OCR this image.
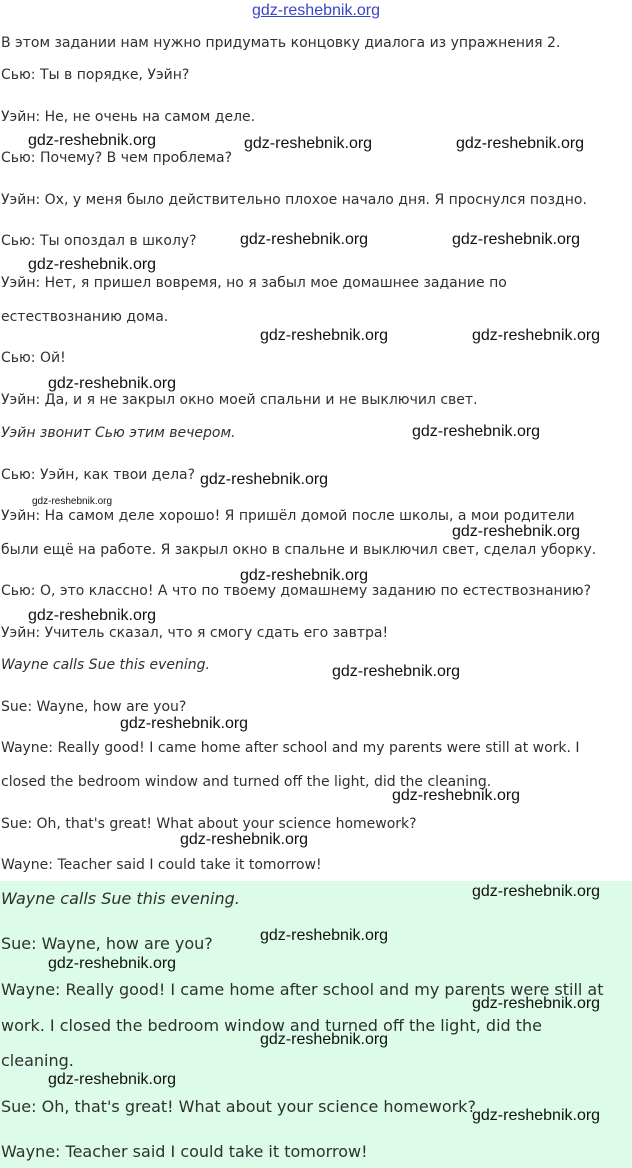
gdz-reshebnik.org
В этом задании нам нужно придумать концовку диалога из упражнения 2.
Сью: Ты в порядке, Уэйн?
Уэйн: Не, не очень на самом деле.
Сью: Почему? В чем проблема?
Уэйн: Ох, у меня было действительно плохое начало дня. Я проснулся поздно.
Сью: Ты опоздал в школу?
Уэйн: Нет, я пришел вовремя, но я забыл мое домашнее задание по
естествознанию дома.
Сью: Ой!
Уэйн: Да, и я не закрыл окно моей спальни и не выключил свет.
Уэйн звонит Сью этим вечером.
Сью: Уэйн, как твои дела?
Уэйн: На самом деле хорошо! Я пришёл домой после школы, а мои родители
были ещё на работе. Я закрыл окно в спальне и выключил свет, сделал уборку.
Сью: О, это классно! А что по твоему домашнему заданию по естествознанию?
Уэйн: Учитель сказал, что я смогу сдать его завтра!
Wayne calls Sue this evening.
Sue: Wayne, how are you?
Wayne: Really good! I came home after school and my parents were still at work. I
closed the bedroom window and turned off the light, did the cleaning.
Sue: Oh, that's great! What about your science homework?
Wayne: Teacher said I could take it tomorrow!
Wayne calls Sue this evening.
Sue: Wayne, how are you?
Wayne: Really good! I came home after school and my parents were still at
work. I closed the bedroom window and turned off the light, did the
cleaning.
Sue: Oh, that's great! What about your science homework?
Wayne: Teacher said I could take it tomorrow!
gdz-reshebnik.org	gdz-reshebnik.org	gdz-reshebnik.org
gdz-reshebnik.org	gdz-reshebnik.org
gdz-reshebnik.org
gdz-reshebnik.org	gdz-reshebnik.org
gdz-reshebnik.org
gdz-reshebnik.org
gdz-reshebnik.org
gdz-reshebnik.org
gdz-reshebnik.org
gdz-reshebnik.org
gdz-reshebnik.org
gdz-reshebnik.org
gdz-reshebnik.org
gdz-reshebnik.org
gdz-reshebnik.org
gdz-reshebnik.org
gdz-reshebnik.org
gdz-reshebnik.org
gdz-reshebnik.org
gdz-reshebnik.org
gdz-reshebnik.org
gdz-reshebnik.org
